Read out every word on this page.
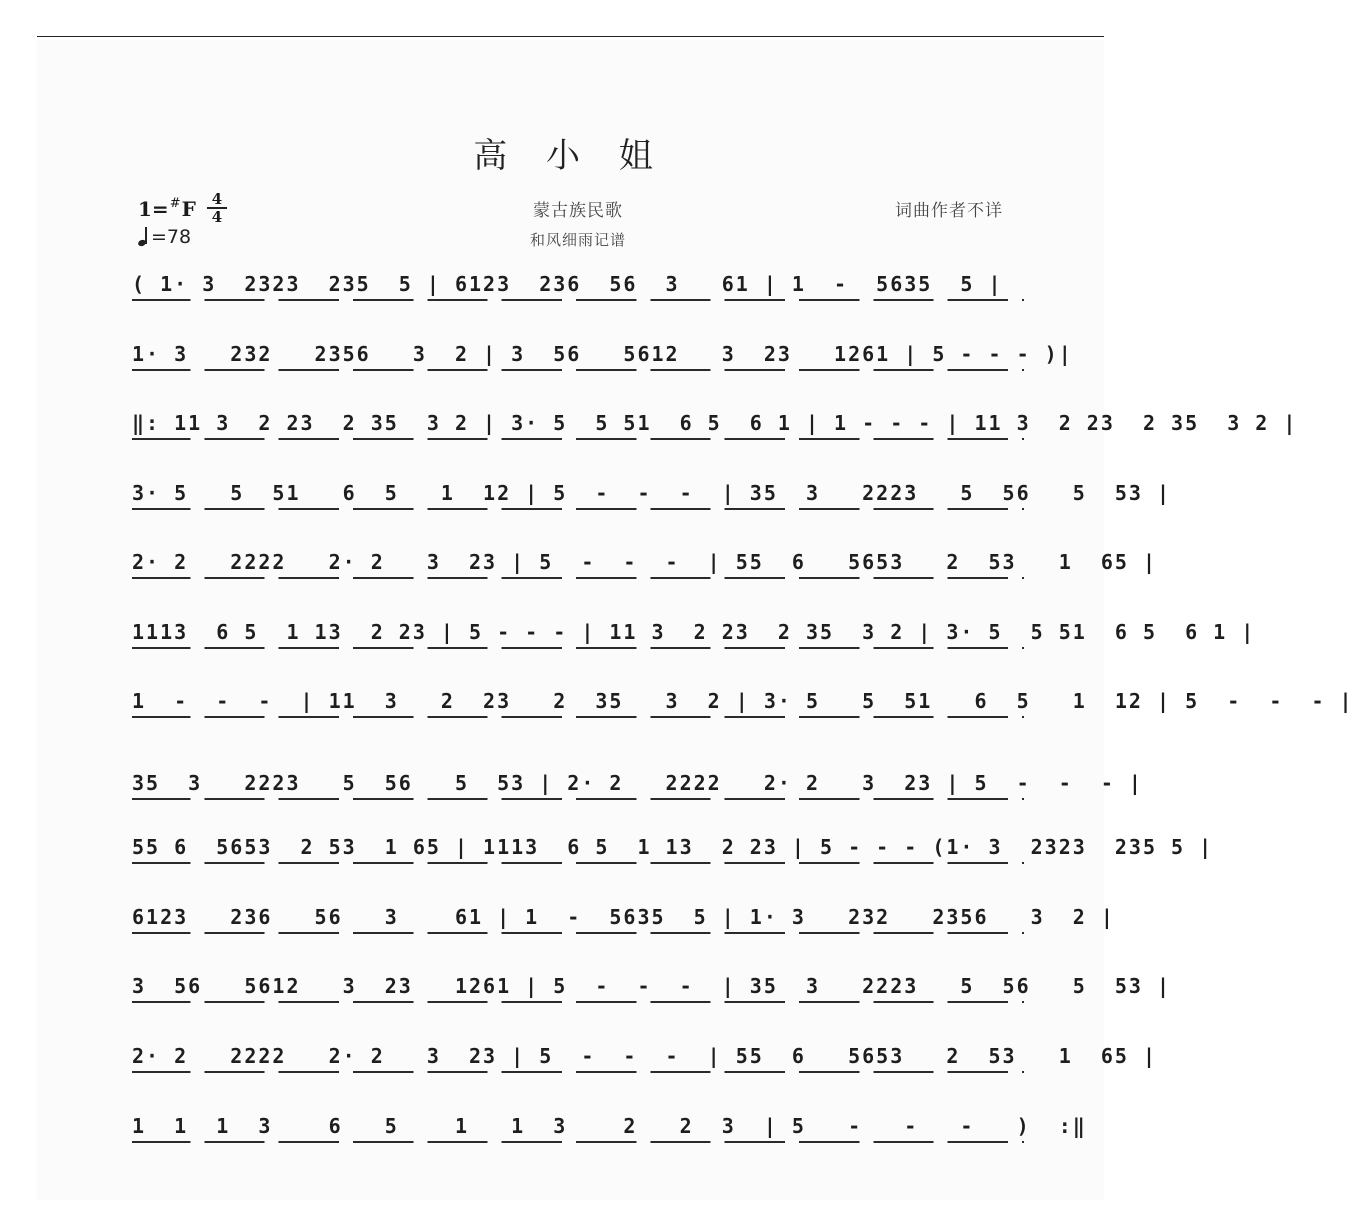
高 小 姐
1=#F	4
4
=78
蒙古族民歌
和风细雨记谱
词曲作者不详
( 1· 3  2323  235  5 | 6123  236  56  3   61 | 1  -  5635  5 |
1· 3   232   2356   3  2 | 3  56   5612   3  23   1261 | 5 - - - )|
‖: 11 3  2 23  2 35  3 2 | 3· 5  5 51  6 5  6 1 | 1 - - - | 11 3  2 23  2 35  3 2 |
3· 5   5  51   6  5   1  12 | 5  -  -  -  | 35  3   2223   5  56   5  53 |
2· 2   2222   2· 2   3  23 | 5  -  -  -  | 55  6   5653   2  53   1  65 |
1113  6 5  1 13  2 23 | 5 - - - | 11 3  2 23  2 35  3 2 | 3· 5  5 51  6 5  6 1 |
1  -  -  -  | 11  3   2  23   2  35   3  2 | 3· 5   5  51   6  5   1  12 | 5  -  -  - |
35  3   2223   5  56   5  53 | 2· 2   2222   2· 2   3  23 | 5  -  -  - |
55 6  5653  2 53  1 65 | 1113  6 5  1 13  2 23 | 5 - - - (1· 3  2323  235 5 |
6123   236   56   3    61 | 1  -  5635  5 | 1· 3   232   2356   3  2 |
3  56   5612   3  23   1261 | 5  -  -  -  | 35  3   2223   5  56   5  53 |
2· 2   2222   2· 2   3  23 | 5  -  -  -  | 55  6   5653   2  53   1  65 |
1  1  1  3    6   5    1   1  3    2   2  3  | 5   -   -   -   )  :‖
